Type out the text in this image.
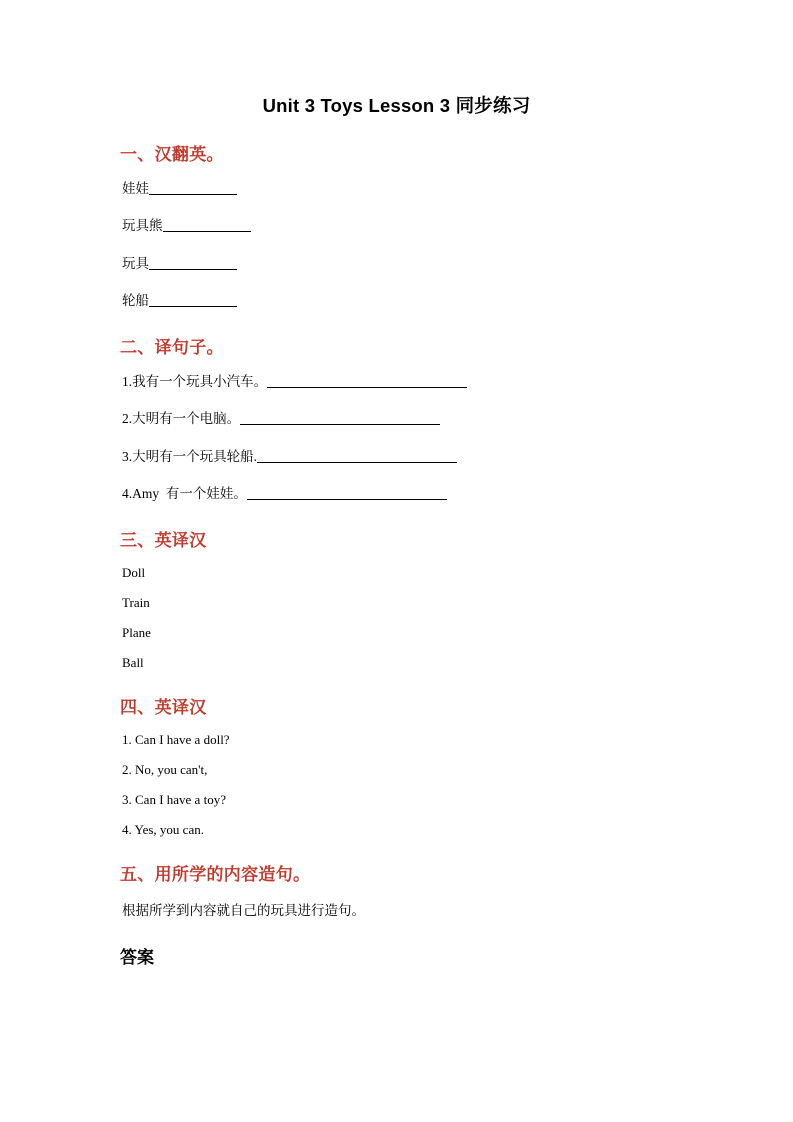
Unit 3 Toys Lesson 3 同步练习
一、汉翻英。

娃娃

玩具熊

玩具

轮船

二、译句子。

1.我有一个玩具小汽车。

2.大明有一个电脑。

3.大明有一个玩具轮船.

4.Amy  有一个娃娃。

三、英译汉

Doll

Train

Plane

Ball

四、英译汉

1. Can I have a doll?

2. No, you can't,

3. Can I have a toy?

4. Yes, you can.

五、用所学的内容造句。

根据所学到内容就自己的玩具进行造句。

答案
